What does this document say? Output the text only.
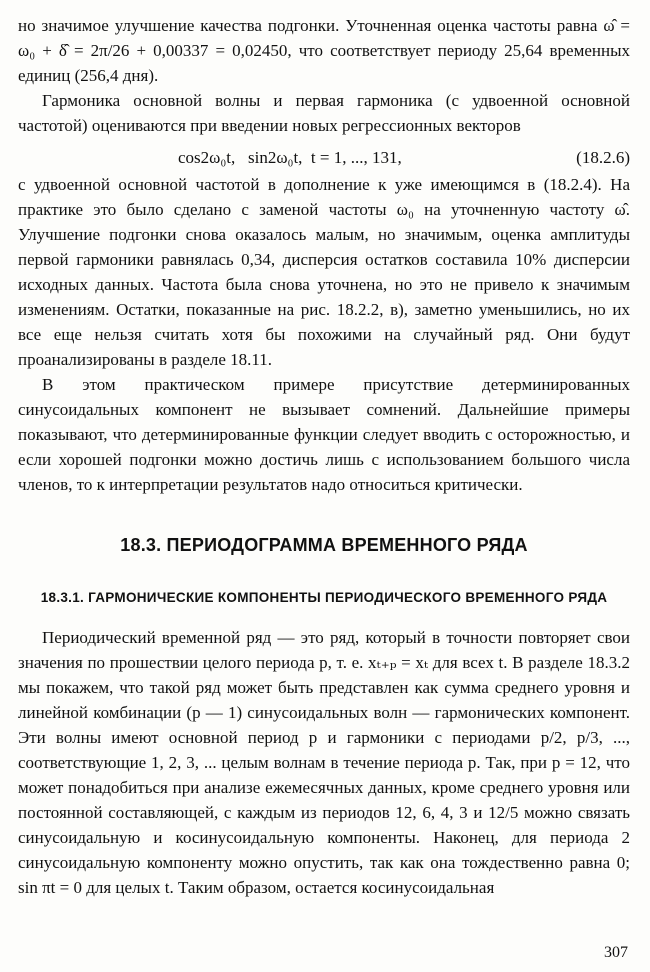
но значимое улучшение качества подгонки. Уточненная оценка частоты равна ω̂ = ω₀ + δ̂ = 2π/26 + 0,00337 = 0,02450, что соответствует периоду 25,64 временных единиц (256,4 дня).

Гармоника основной волны и первая гармоника (с удвоенной основной частотой) оцениваются при введении новых регрессионных векторов

cos2ω₀t,   sin2ω₀t,  t = 1, ..., 131,	(18.2.6)

с удвоенной основной частотой в дополнение к уже имеющимся в (18.2.4). На практике это было сделано с заменой частоты ω₀ на уточненную частоту ω̂. Улучшение подгонки снова оказалось малым, но значимым, оценка амплитуды первой гармоники равнялась 0,34, дисперсия остатков составила 10% дисперсии исходных данных. Частота была снова уточнена, но это не привело к значимым изменениям. Остатки, показанные на рис. 18.2.2, в), заметно уменьшились, но их все еще нельзя считать хотя бы похожими на случайный ряд. Они будут проанализированы в разделе 18.11.

В этом практическом примере присутствие детерминированных синусоидальных компонент не вызывает сомнений. Дальнейшие примеры показывают, что детерминированные функции следует вводить с осторожностью, и если хорошей подгонки можно достичь лишь с использованием большого числа членов, то к интерпретации результатов надо относиться критически.

18.3. ПЕРИОДОГРАММА ВРЕМЕННОГО РЯДА
18.3.1. ГАРМОНИЧЕСКИЕ КОМПОНЕНТЫ ПЕРИОДИЧЕСКОГО ВРЕМЕННОГО РЯДА

Периодический временной ряд — это ряд, который в точности повторяет свои значения по прошествии целого периода p, т. е. xₜ₊ₚ = xₜ для всех t. В разделе 18.3.2 мы покажем, что такой ряд может быть представлен как сумма среднего уровня и линейной комбинации (p — 1) синусоидальных волн — гармонических компонент. Эти волны имеют основной период p и гармоники с периодами p/2, p/3, ..., соответствующие 1, 2, 3, ... целым волнам в течение периода p. Так, при p = 12, что может понадобиться при анализе ежемесячных данных, кроме среднего уровня или постоянной составляющей, с каждым из периодов 12, 6, 4, 3 и 12/5 можно связать синусоидальную и косинусоидальную компоненты. Наконец, для периода 2 синусоидальную компоненту можно опустить, так как она тождественно равна 0; sin πt = 0 для целых t. Таким образом, остается косинусоидальная

307
